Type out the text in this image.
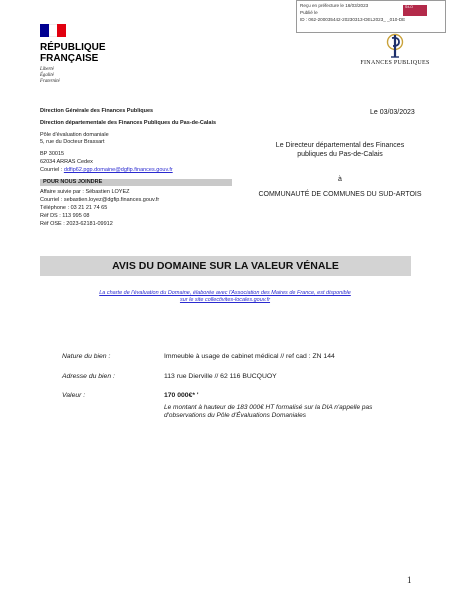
Reçu en préfecture le 16/03/2023
Publié le
ID : 062-200035442-20230313-DEL2023_ _010-DE
S²LO
RÉPUBLIQUE
FRANÇAISE
Liberté
Égalité
Fraternité
FINANCES PUBLIQUES
Direction Générale des Finances Publiques
Direction départementale des Finances Publiques du Pas-de-Calais
Pôle d'évaluation domaniale
5, rue du Docteur Brassart
BP 30015
62034 ARRAS Cedex
Courriel : ddfip62.pgp.domaine@dgfip.finances.gouv.fr
POUR NOUS JOINDRE
Affaire suivie par : Sébastien LOYEZ
Courriel : sebastien.loyez@dgfip.finances.gouv.fr
Téléphone : 03 21 21 74 65
Réf DS : 113 995 08
Réf OSE : 2023-62181-09912
Le 03/03/2023
Le Directeur départemental des Finances
publiques du Pas-de-Calais
à
COMMUNAUTÉ DE COMMUNES DU SUD-ARTOIS
AVIS DU DOMAINE SUR LA VALEUR VÉNALE
La charte de l'évaluation du Domaine, élaborée avec l'Association des Maires de France, est disponible
sur le site collectivites-locales.gouv.fr
Nature du bien :	Immeuble à usage de cabinet médical // ref cad : ZN 144
Adresse du bien :	113 rue Dierville // 62 116 BUCQUOY
Valeur :	170 000€* '
Le montant à hauteur de 183 000€ HT formalisé sur la DIA n'appelle pas d'observations du Pôle d'Évaluations Domaniales
1
